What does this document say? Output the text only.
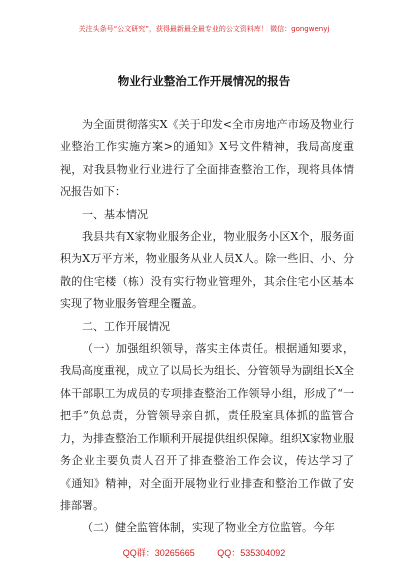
关注头条号“公文研究”，获得最新最全最专业的公文资料库！ 微信：gongwenyj
物业行业整治工作开展情况的报告

为全面贯彻落实X《关于印发<全市房地产市场及物业行业整治工作实施方案>的通知》X号文件精神，我局高度重视，对我县物业行业进行了全面排查整治工作，现将具体情况报告如下：

一、基本情况

我县共有X家物业服务企业，物业服务小区X个，服务面积为X万平方米，物业服务从业人员X人。除一些旧、小、分散的住宅楼（栋）没有实行物业管理外，其余住宅小区基本实现了物业服务管理全覆盖。

二、工作开展情况

（一）加强组织领导，落实主体责任。根据通知要求，我局高度重视，成立了以局长为组长、分管领导为副组长X全体干部职工为成员的专项排查整治工作领导小组，形成了“一把手”负总责，分管领导亲自抓，责任股室具体抓的监管合力，为排查整治工作顺利开展提供组织保障。组织X家物业服务企业主要负责人召开了排查整治工作会议，传达学习了《通知》精神，对全面开展物业行业排查和整治工作做了安排部署。

（二）健全监管体制，实现了物业全方位监管。今年

QQ群：30265665	QQ：535304092
